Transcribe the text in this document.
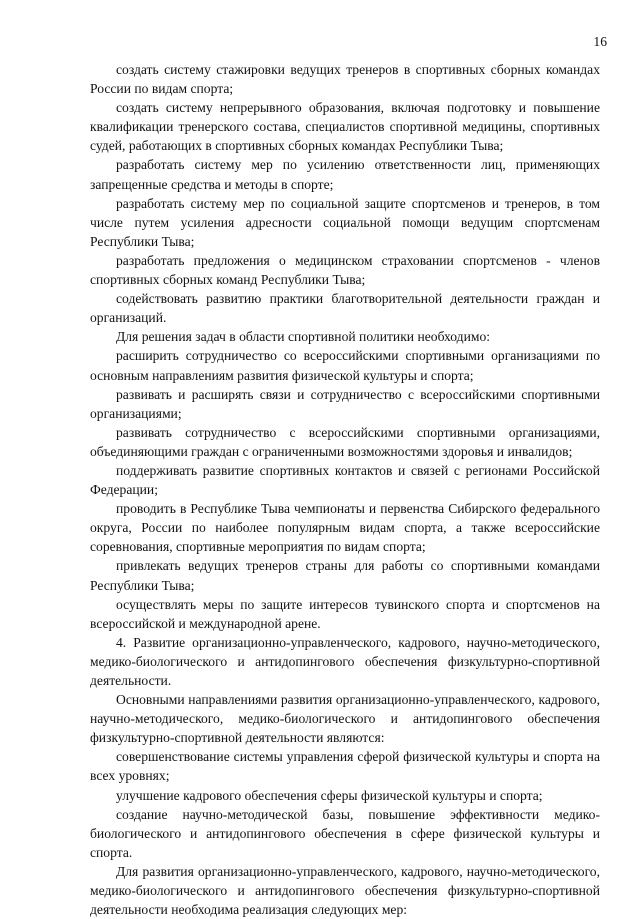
16

создать систему стажировки ведущих тренеров в спортивных сборных командах России по видам спорта;

создать систему непрерывного образования, включая подготовку и повышение квалификации тренерского состава, специалистов спортивной медицины, спортивных судей, работающих в спортивных сборных командах Республики Тыва;

разработать систему мер по усилению ответственности лиц, применяющих запрещенные средства и методы в спорте;

разработать систему мер по социальной защите спортсменов и тренеров, в том числе путем усиления адресности социальной помощи ведущим спортсменам Республики Тыва;

разработать предложения о медицинском страховании спортсменов - членов спортивных сборных команд Республики Тыва;

содействовать развитию практики благотворительной деятельности граждан и организаций.

Для решения задач в области спортивной политики необходимо:

расширить сотрудничество со всероссийскими спортивными организациями по основным направлениям развития физической культуры и спорта;

развивать и расширять связи и сотрудничество с всероссийскими спортивными организациями;

развивать сотрудничество с всероссийскими спортивными организациями, объединяющими граждан с ограниченными возможностями здоровья и инвалидов;

поддерживать развитие спортивных контактов и связей с регионами Российской Федерации;

проводить в Республике Тыва чемпионаты и первенства Сибирского федерального округа, России по наиболее популярным видам спорта, а также всероссийские соревнования, спортивные мероприятия по видам спорта;

привлекать ведущих тренеров страны для работы со спортивными командами Республики Тыва;

осуществлять меры по защите интересов тувинского спорта и спортсменов на всероссийской и международной арене.

4. Развитие организационно-управленческого, кадрового, научно-методического, медико-биологического и антидопингового обеспечения физкультурно-спортивной деятельности.

Основными направлениями развития организационно-управленческого, кадрового, научно-методического, медико-биологического и антидопингового обеспечения физкультурно-спортивной деятельности являются:

совершенствование системы управления сферой физической культуры и спорта на всех уровнях;

улучшение кадрового обеспечения сферы физической культуры и спорта;

создание научно-методической базы, повышение эффективности медико-биологического и антидопингового обеспечения в сфере физической культуры и спорта.

Для развития организационно-управленческого, кадрового, научно-методического, медико-биологического и антидопингового обеспечения физкультурно-спортивной деятельности необходима реализация следующих мер:
